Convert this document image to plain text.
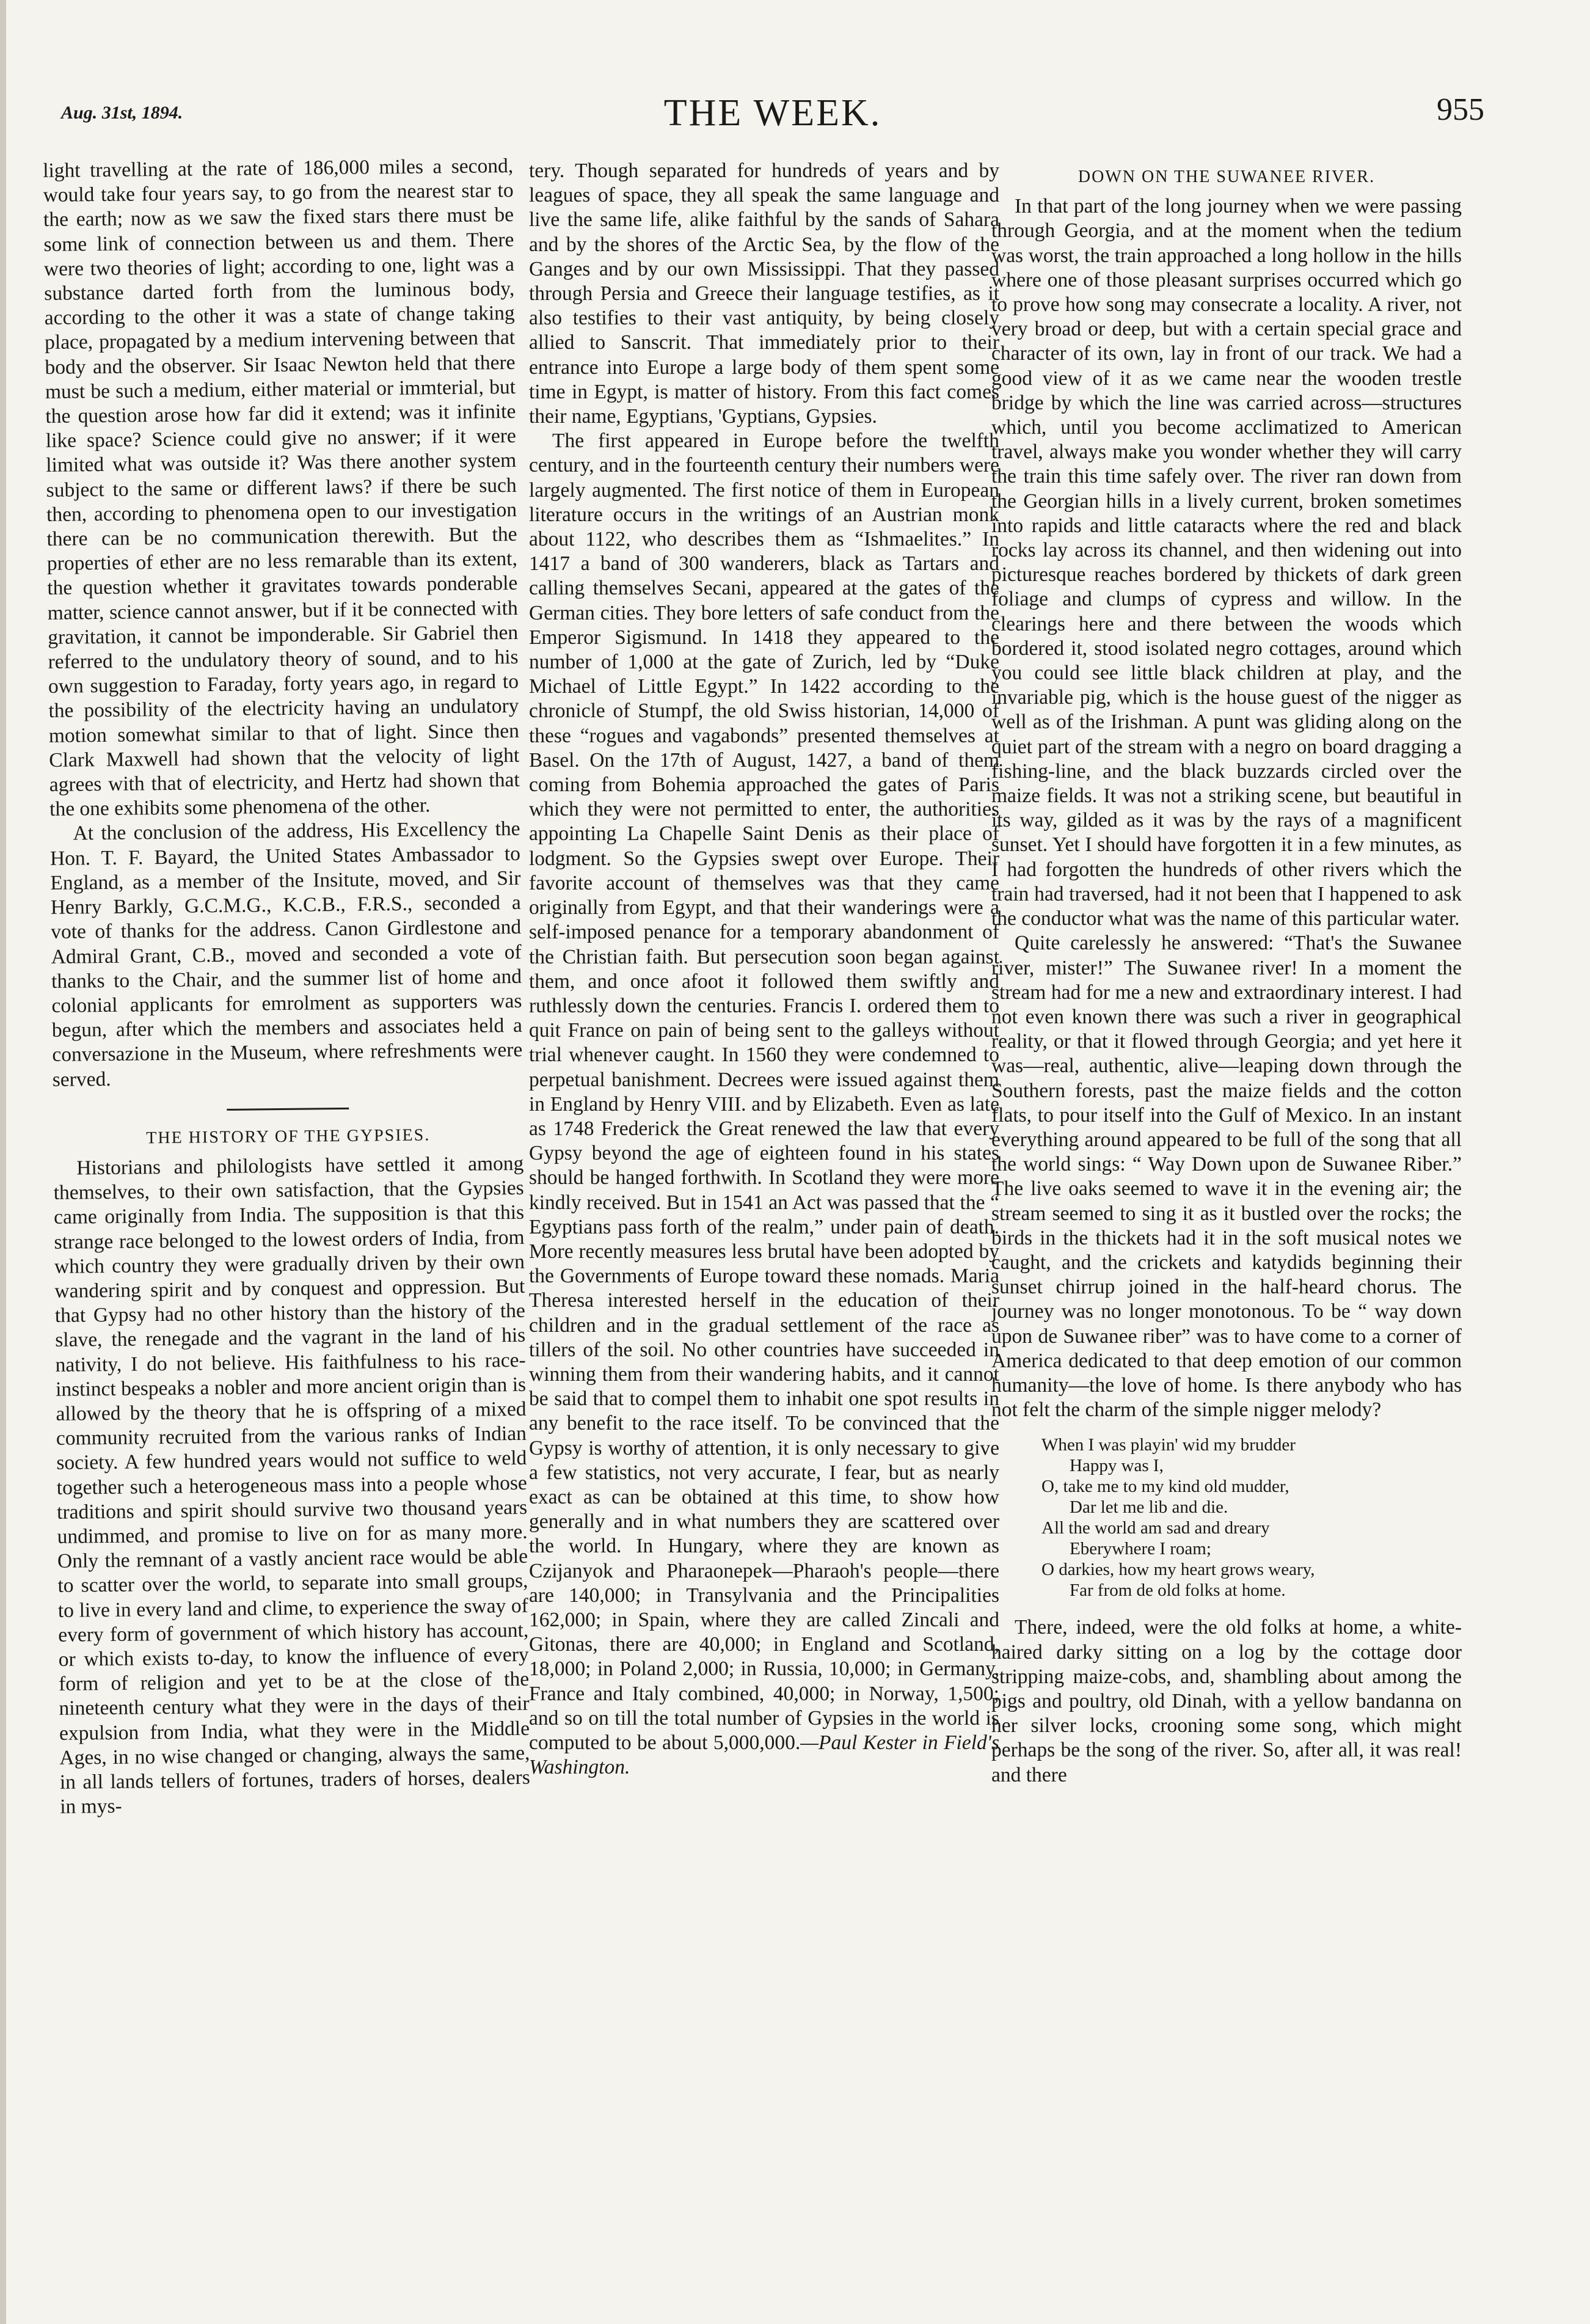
Aug. 31st, 1894.	THE WEEK.	955

light travelling at the rate of 186,000 miles a second, would take four years say, to go from the nearest star to the earth; now as we saw the fixed stars there must be some link of connection between us and them. There were two theories of light; according to one, light was a substance darted forth from the luminous body, according to the other it was a state of change taking place, propagated by a medium intervening between that body and the observer. Sir Isaac Newton held that there must be such a medium, either material or immterial, but the question arose how far did it extend; was it infinite like space? Science could give no answer; if it were limited what was outside it? Was there another system subject to the same or different laws? if there be such then, according to phenomena open to our investigation there can be no communication therewith. But the properties of ether are no less remarable than its extent, the question whether it gravitates towards ponderable matter, science cannot answer, but if it be connected with gravitation, it cannot be imponderable. Sir Gabriel then referred to the undulatory theory of sound, and to his own suggestion to Faraday, forty years ago, in regard to the possibility of the electricity having an undulatory motion somewhat similar to that of light. Since then Clark Maxwell had shown that the velocity of light agrees with that of electricity, and Hertz had shown that the one exhibits some phenomena of the other.

At the conclusion of the address, His Excellency the Hon. T. F. Bayard, the United States Ambassador to England, as a member of the Insitute, moved, and Sir Henry Barkly, G.C.M.G., K.C.B., F.R.S., seconded a vote of thanks for the address. Canon Girdlestone and Admiral Grant, C.B., moved and seconded a vote of thanks to the Chair, and the summer list of home and colonial applicants for emrolment as supporters was begun, after which the members and associates held a conversazione in the Museum, where refreshments were served.

THE HISTORY OF THE GYPSIES.

Historians and philologists have settled it among themselves, to their own satisfaction, that the Gypsies came originally from India. The supposition is that this strange race belonged to the lowest orders of India, from which country they were gradually driven by their own wandering spirit and by conquest and oppression. But that Gypsy had no other history than the history of the slave, the renegade and the vagrant in the land of his nativity, I do not believe. His faithfulness to his race-instinct bespeaks a nobler and more ancient origin than is allowed by the theory that he is offspring of a mixed community recruited from the various ranks of Indian society. A few hundred years would not suffice to weld together such a heterogeneous mass into a people whose traditions and spirit should survive two thousand years undimmed, and promise to live on for as many more. Only the remnant of a vastly ancient race would be able to scatter over the world, to separate into small groups, to live in every land and clime, to experience the sway of every form of government of which history has account, or which exists to-day, to know the influence of every form of religion and yet to be at the close of the nineteenth century what they were in the days of their expulsion from India, what they were in the Middle Ages, in no wise changed or changing, always the same, in all lands tellers of fortunes, traders of horses, dealers in mys-

tery. Though separated for hundreds of years and by leagues of space, they all speak the same language and live the same life, alike faithful by the sands of Sahara and by the shores of the Arctic Sea, by the flow of the Ganges and by our own Mississippi. That they passed through Persia and Greece their language testifies, as it also testifies to their vast antiquity, by being closely allied to Sanscrit. That immediately prior to their entrance into Europe a large body of them spent some time in Egypt, is matter of history. From this fact comes their name, Egyptians, 'Gyptians, Gypsies.

The first appeared in Europe before the twelfth century, and in the fourteenth century their numbers were largely augmented. The first notice of them in European literature occurs in the writings of an Austrian monk about 1122, who describes them as “Ishmaelites.” In 1417 a band of 300 wanderers, black as Tartars and calling themselves Secani, appeared at the gates of the German cities. They bore letters of safe conduct from the Emperor Sigismund. In 1418 they appeared to the number of 1,000 at the gate of Zurich, led by “Duke Michael of Little Egypt.” In 1422 according to the chronicle of Stumpf, the old Swiss historian, 14,000 of these “rogues and vagabonds” presented themselves at Basel. On the 17th of August, 1427, a band of them coming from Bohemia approached the gates of Paris which they were not permitted to enter, the authorities appointing La Chapelle Saint Denis as their place of lodgment. So the Gypsies swept over Europe. Their favorite account of themselves was that they came originally from Egypt, and that their wanderings were a self-imposed penance for a temporary abandonment of the Christian faith. But persecution soon began against them, and once afoot it followed them swiftly and ruthlessly down the centuries. Francis I. ordered them to quit France on pain of being sent to the galleys without trial whenever caught. In 1560 they were condemned to perpetual banishment. Decrees were issued against them in England by Henry VIII. and by Elizabeth. Even as late as 1748 Frederick the Great renewed the law that every Gypsy beyond the age of eighteen found in his states should be hanged forthwith. In Scotland they were more kindly received. But in 1541 an Act was passed that the “ Egyptians pass forth of the realm,” under pain of death. More recently measures less brutal have been adopted by the Governments of Europe toward these nomads. Maria Theresa interested herself in the education of their children and in the gradual settlement of the race as tillers of the soil. No other countries have succeeded in winning them from their wandering habits, and it cannot be said that to compel them to inhabit one spot results in any benefit to the race itself. To be convinced that the Gypsy is worthy of attention, it is only necessary to give a few statistics, not very accurate, I fear, but as nearly exact as can be obtained at this time, to show how generally and in what numbers they are scattered over the world. In Hungary, where they are known as Czijanyok and Pharaonepek—Pharaoh's people—there are 140,000; in Transylvania and the Principalities 162,000; in Spain, where they are called Zincali and Gitonas, there are 40,000; in England and Scotland, 18,000; in Poland 2,000; in Russia, 10,000; in Germany, France and Italy combined, 40,000; in Norway, 1,500; and so on till the total number of Gypsies in the world is computed to be about 5,000,000.—Paul Kester in Field's Washington.

DOWN ON THE SUWANEE RIVER.

In that part of the long journey when we were passing through Georgia, and at the moment when the tedium was worst, the train approached a long hollow in the hills where one of those pleasant surprises occurred which go to prove how song may consecrate a locality. A river, not very broad or deep, but with a certain special grace and character of its own, lay in front of our track. We had a good view of it as we came near the wooden trestle bridge by which the line was carried across—structures which, until you become acclimatized to American travel, always make you wonder whether they will carry the train this time safely over. The river ran down from the Georgian hills in a lively current, broken sometimes into rapids and little cataracts where the red and black rocks lay across its channel, and then widening out into picturesque reaches bordered by thickets of dark green foliage and clumps of cypress and willow. In the clearings here and there between the woods which bordered it, stood isolated negro cottages, around which you could see little black children at play, and the invariable pig, which is the house guest of the nigger as well as of the Irishman. A punt was gliding along on the quiet part of the stream with a negro on board dragging a fishing-line, and the black buzzards circled over the maize fields. It was not a striking scene, but beautiful in its way, gilded as it was by the rays of a magnificent sunset. Yet I should have forgotten it in a few minutes, as I had forgotten the hundreds of other rivers which the train had traversed, had it not been that I happened to ask the conductor what was the name of this particular water.

Quite carelessly he answered: “That's the Suwanee river, mister!” The Suwanee river! In a moment the stream had for me a new and extraordinary interest. I had not even known there was such a river in geographical reality, or that it flowed through Georgia; and yet here it was—real, authentic, alive—leaping down through the Southern forests, past the maize fields and the cotton flats, to pour itself into the Gulf of Mexico. In an instant everything around appeared to be full of the song that all the world sings: “ Way Down upon de Suwanee Riber.” The live oaks seemed to wave it in the evening air; the stream seemed to sing it as it bustled over the rocks; the birds in the thickets had it in the soft musical notes we caught, and the crickets and katydids beginning their sunset chirrup joined in the half-heard chorus. The journey was no longer monotonous. To be “ way down upon de Suwanee riber” was to have come to a corner of America dedicated to that deep emotion of our common humanity—the love of home. Is there anybody who has not felt the charm of the simple nigger melody?

When I was playin' wid my brudder
Happy was I,
O, take me to my kind old mudder,
Dar let me lib and die.
All the world am sad and dreary
Eberywhere I roam;
O darkies, how my heart grows weary,
Far from de old folks at home.

There, indeed, were the old folks at home, a white-haired darky sitting on a log by the cottage door stripping maize-cobs, and, shambling about among the pigs and poultry, old Dinah, with a yellow bandanna on her silver locks, crooning some song, which might perhaps be the song of the river. So, after all, it was real! and there
